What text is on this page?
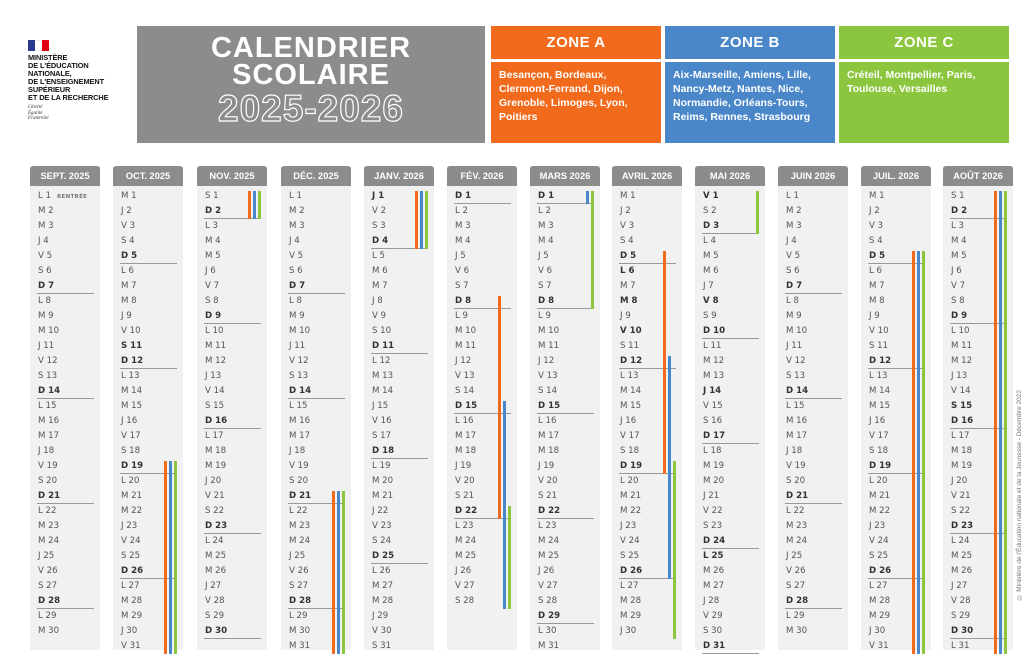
MINISTÈRE
DE L'ÉDUCATION
NATIONALE,
DE L'ENSEIGNEMENT
SUPÉRIEUR
ET DE LA RECHERCHE
Liberté
Égalité
Fraternité
CALENDRIER
SCOLAIRE
2025-2026
ZONE A
Besançon, Bordeaux, Clermont-Ferrand, Dijon, Grenoble, Limoges, Lyon, Poitiers
ZONE B
Aix-Marseille, Amiens, Lille, Nancy-Metz, Nantes, Nice, Normandie, Orléans-Tours, Reims, Rennes, Strasbourg
ZONE C
Créteil, Montpellier, Paris, Toulouse, Versailles
SEPT. 2025
L 1 RENTRÉE
M 2
M 3
J 4
V 5
S 6
D 7
L 8
M 9
M 10
J 11
V 12
S 13
D 14
L 15
M 16
M 17
J 18
V 19
S 20
D 21
L 22
M 23
M 24
J 25
V 26
S 27
D 28
L 29
M 30
OCT. 2025
M 1
J 2
V 3
S 4
D 5
L 6
M 7
M 8
J 9
V 10
S 11
D 12
L 13
M 14
M 15
J 16
V 17
S 18
D 19
L 20
M 21
M 22
J 23
V 24
S 25
D 26
L 27
M 28
M 29
J 30
V 31
NOV. 2025
S 1
D 2
L 3
M 4
M 5
J 6
V 7
S 8
D 9
L 10
M 11
M 12
J 13
V 14
S 15
D 16
L 17
M 18
M 19
J 20
V 21
S 22
D 23
L 24
M 25
M 26
J 27
V 28
S 29
D 30
DÉC. 2025
L 1
M 2
M 3
J 4
V 5
S 6
D 7
L 8
M 9
M 10
J 11
V 12
S 13
D 14
L 15
M 16
M 17
J 18
V 19
S 20
D 21
L 22
M 23
M 24
J 25
V 26
S 27
D 28
L 29
M 30
M 31
JANV. 2026
J 1
V 2
S 3
D 4
L 5
M 6
M 7
J 8
V 9
S 10
D 11
L 12
M 13
M 14
J 15
V 16
S 17
D 18
L 19
M 20
M 21
J 22
V 23
S 24
D 25
L 26
M 27
M 28
J 29
V 30
S 31
FÉV. 2026
D 1
L 2
M 3
M 4
J 5
V 6
S 7
D 8
L 9
M 10
M 11
J 12
V 13
S 14
D 15
L 16
M 17
M 18
J 19
V 20
S 21
D 22
L 23
M 24
M 25
J 26
V 27
S 28
MARS 2026
D 1
L 2
M 3
M 4
J 5
V 6
S 7
D 8
L 9
M 10
M 11
J 12
V 13
S 14
D 15
L 16
M 17
M 18
J 19
V 20
S 21
D 22
L 23
M 24
M 25
J 26
V 27
S 28
D 29
L 30
M 31
AVRIL 2026
M 1
J 2
V 3
S 4
D 5
L 6
M 7
M 8
J 9
V 10
S 11
D 12
L 13
M 14
M 15
J 16
V 17
S 18
D 19
L 20
M 21
M 22
J 23
V 24
S 25
D 26
L 27
M 28
M 29
J 30
MAI 2026
V 1
S 2
D 3
L 4
M 5
M 6
J 7
V 8
S 9
D 10
L 11
M 12
M 13
J 14
V 15
S 16
D 17
L 18
M 19
M 20
J 21
V 22
S 23
D 24
L 25
M 26
M 27
J 28
V 29
S 30
D 31
JUIN 2026
L 1
M 2
M 3
J 4
V 5
S 6
D 7
L 8
M 9
M 10
J 11
V 12
S 13
D 14
L 15
M 16
M 17
J 18
V 19
S 20
D 21
L 22
M 23
M 24
J 25
V 26
S 27
D 28
L 29
M 30
JUIL. 2026
M 1
J 2
V 3
S 4
D 5
L 6
M 7
M 8
J 9
V 10
S 11
D 12
L 13
M 14
M 15
J 16
V 17
S 18
D 19
L 20
M 21
M 22
J 23
V 24
S 25
D 26
L 27
M 28
M 29
J 30
V 31
AOÛT 2026
S 1
D 2
L 3
M 4
M 5
J 6
V 7
S 8
D 9
L 10
M 11
M 12
J 13
V 14
S 15
D 16
L 17
M 18
M 19
J 20
V 21
S 22
D 23
L 24
M 25
M 26
J 27
V 28
S 29
D 30
L 31
© Ministère de l'Éducation nationale et de la Jeunesse - Décembre 2022
